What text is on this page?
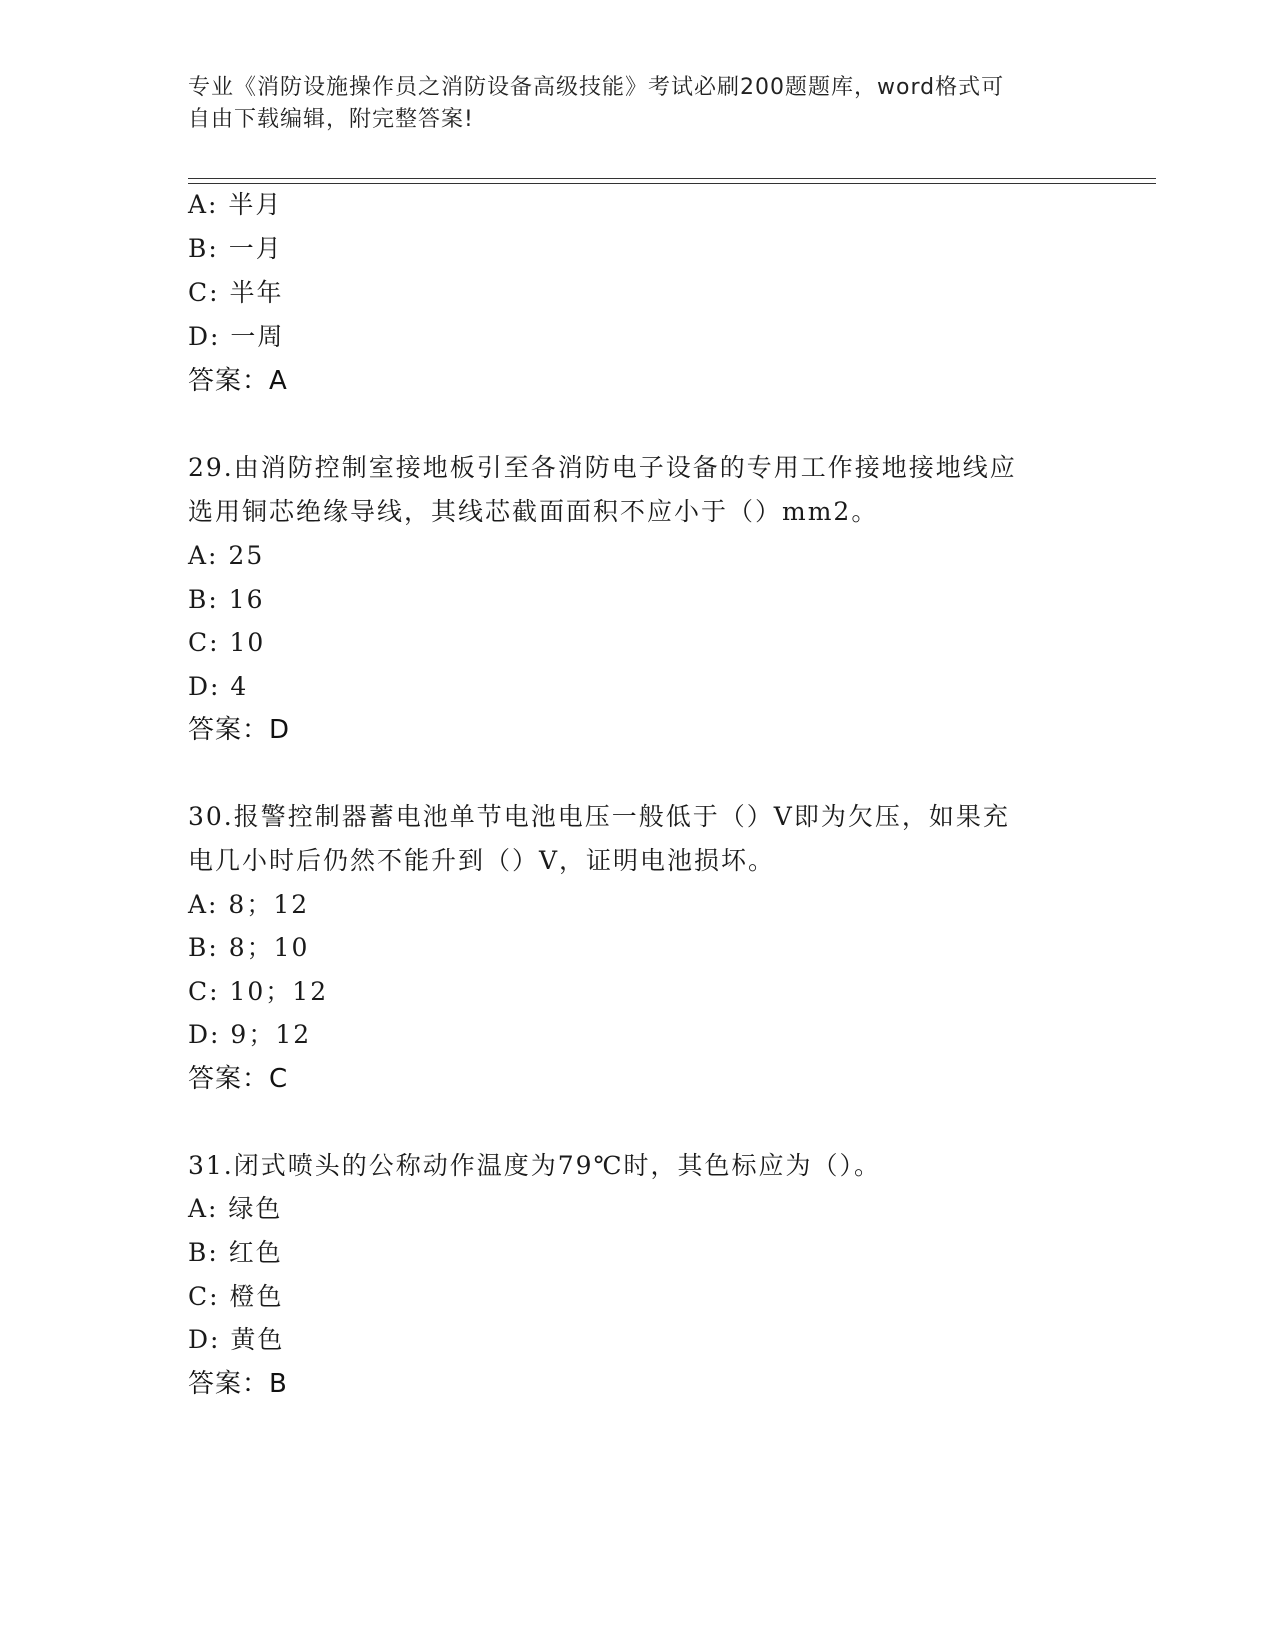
专业《消防设施操作员之消防设备高级技能》考试必刷200题题库，word格式可
自由下载编辑，附完整答案!
A: 半月
B: 一月
C: 半年
D: 一周
答案：A
29.由消防控制室接地板引至各消防电子设备的专用工作接地接地线应
选用铜芯绝缘导线，其线芯截面面积不应小于（）mm2。
A: 25
B: 16
C: 10
D: 4
答案：D
30.报警控制器蓄电池单节电池电压一般低于（）V即为欠压，如果充
电几小时后仍然不能升到（）V，证明电池损坏。
A: 8；12
B: 8；10
C: 10；12
D: 9；12
答案：C
31.闭式喷头的公称动作温度为79℃时，其色标应为（）。
A: 绿色
B: 红色
C: 橙色
D: 黄色
答案：B
